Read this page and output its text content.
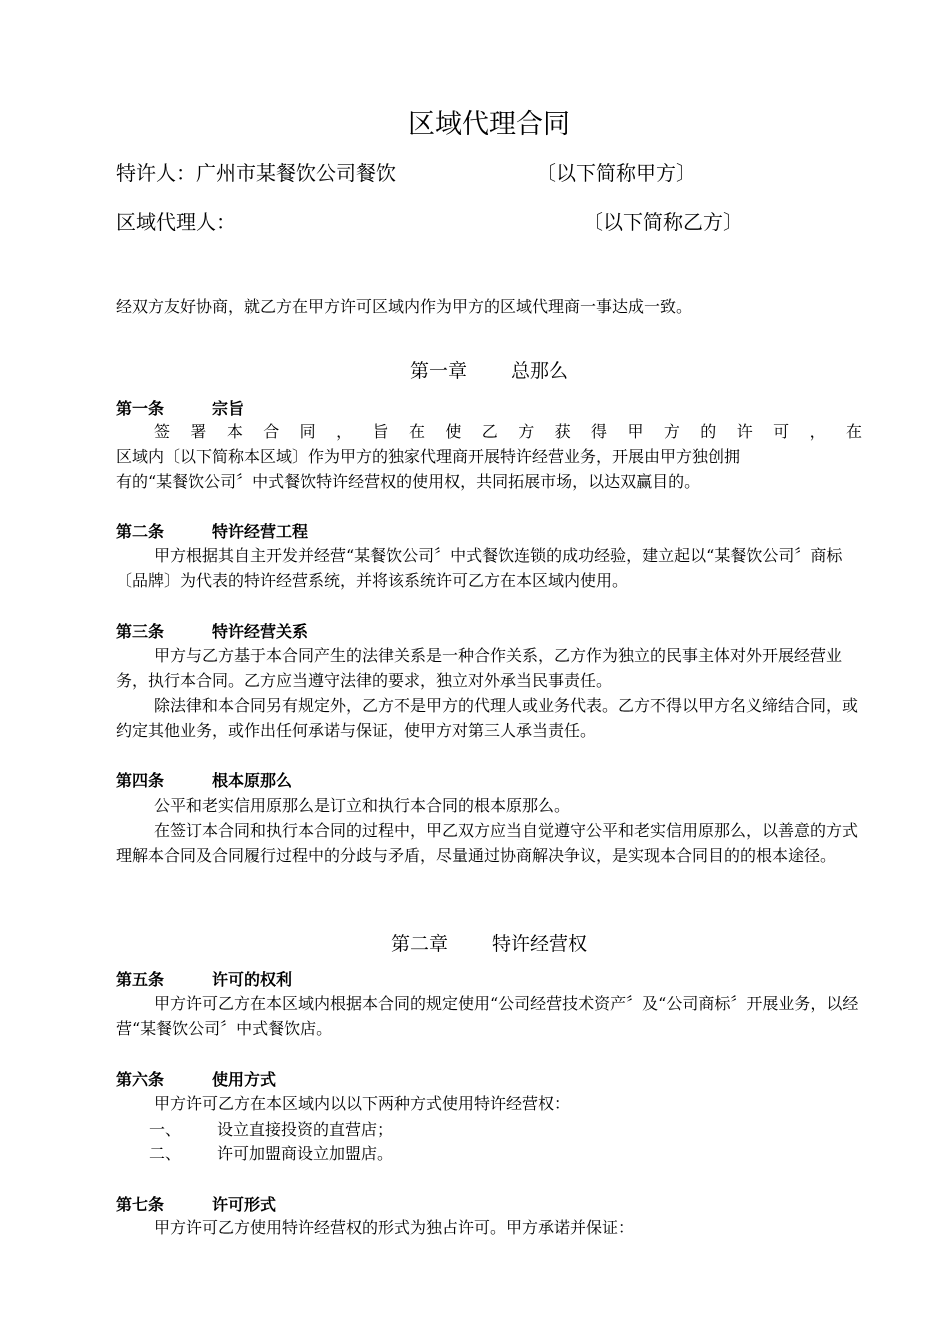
区域代理合同
特许人：广州市某餐饮公司餐饮	〔以下简称甲方〕
区域代理人：	〔以下简称乙方〕
经双方友好协商，就乙方在甲方许可区域内作为甲方的区域代理商一事达成一致。
第一章 总那么
第一条	宗旨
签 署 本 合 同 ， 旨 在 使 乙 方 获 得 甲 方 的 许 可 ， 在
区域内〔以下简称本区域〕作为甲方的独家代理商开展特许经营业务，开展由甲方独创拥
有的“某餐饮公司〞中式餐饮特许经营权的使用权，共同拓展市场，以达双赢目的。
第二条	特许经营工程
甲方根据其自主开发并经营“某餐饮公司〞中式餐饮连锁的成功经验，建立起以“某餐饮公司〞商标〔品牌〕为代表的特许经营系统，并将该系统许可乙方在本区域内使用。
第三条	特许经营关系
甲方与乙方基于本合同产生的法律关系是一种合作关系，乙方作为独立的民事主体对外开展经营业务，执行本合同。乙方应当遵守法律的要求，独立对外承当民事责任。
除法律和本合同另有规定外，乙方不是甲方的代理人或业务代表。乙方不得以甲方名义缔结合同，或约定其他业务，或作出任何承诺与保证，使甲方对第三人承当责任。
第四条	根本原那么
公平和老实信用原那么是订立和执行本合同的根本原那么。
在签订本合同和执行本合同的过程中，甲乙双方应当自觉遵守公平和老实信用原那么，以善意的方式理解本合同及合同履行过程中的分歧与矛盾，尽量通过协商解决争议，是实现本合同目的的根本途径。
第二章 特许经营权
第五条	许可的权利
甲方许可乙方在本区域内根据本合同的规定使用“公司经营技术资产〞及“公司商标〞开展业务，以经营“某餐饮公司〞中式餐饮店。
第六条	使用方式
甲方许可乙方在本区域内以以下两种方式使用特许经营权：
一、 设立直接投资的直营店；
二、 许可加盟商设立加盟店。
第七条	许可形式
甲方许可乙方使用特许经营权的形式为独占许可。甲方承诺并保证：
